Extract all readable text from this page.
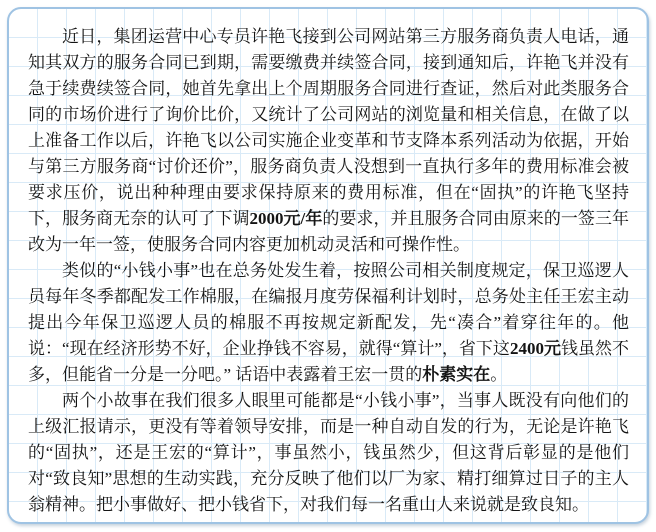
近日，集团运营中心专员许艳飞接到公司网站第三方服务商负责人电话，通知其双方的服务合同已到期，需要缴费并续签合同，接到通知后，许艳飞并没有急于续费续签合同，她首先拿出上个周期服务合同进行查证，然后对此类服务合同的市场价进行了询价比价，又统计了公司网站的浏览量和相关信息，在做了以上准备工作以后，许艳飞以公司实施企业变革和节支降本系列活动为依据，开始与第三方服务商“讨价还价”，服务商负责人没想到一直执行多年的费用标准会被要求压价，说出种种理由要求保持原来的费用标准，但在“固执”的许艳飞坚持下，服务商无奈的认可了下调2000元/年的要求，并且服务合同由原来的一签三年改为一年一签，使服务合同内容更加机动灵活和可操作性。

类似的“小钱小事”也在总务处发生着，按照公司相关制度规定，保卫巡逻人员每年冬季都配发工作棉服，在编报月度劳保福利计划时，总务处主任王宏主动提出今年保卫巡逻人员的棉服不再按规定新配发，先“凑合”着穿往年的。他说：“现在经济形势不好，企业挣钱不容易，就得“算计”，省下这2400元钱虽然不多，但能省一分是一分吧。” 话语中表露着王宏一贯的朴素实在。

两个小故事在我们很多人眼里可能都是“小钱小事”，当事人既没有向他们的上级汇报请示，更没有等着领导安排，而是一种自动自发的行为，无论是许艳飞的“固执”，还是王宏的“算计”，事虽然小，钱虽然少，但这背后彰显的是他们对“致良知”思想的生动实践，充分反映了他们以厂为家、精打细算过日子的主人翁精神。把小事做好、把小钱省下，对我们每一名重山人来说就是致良知。
